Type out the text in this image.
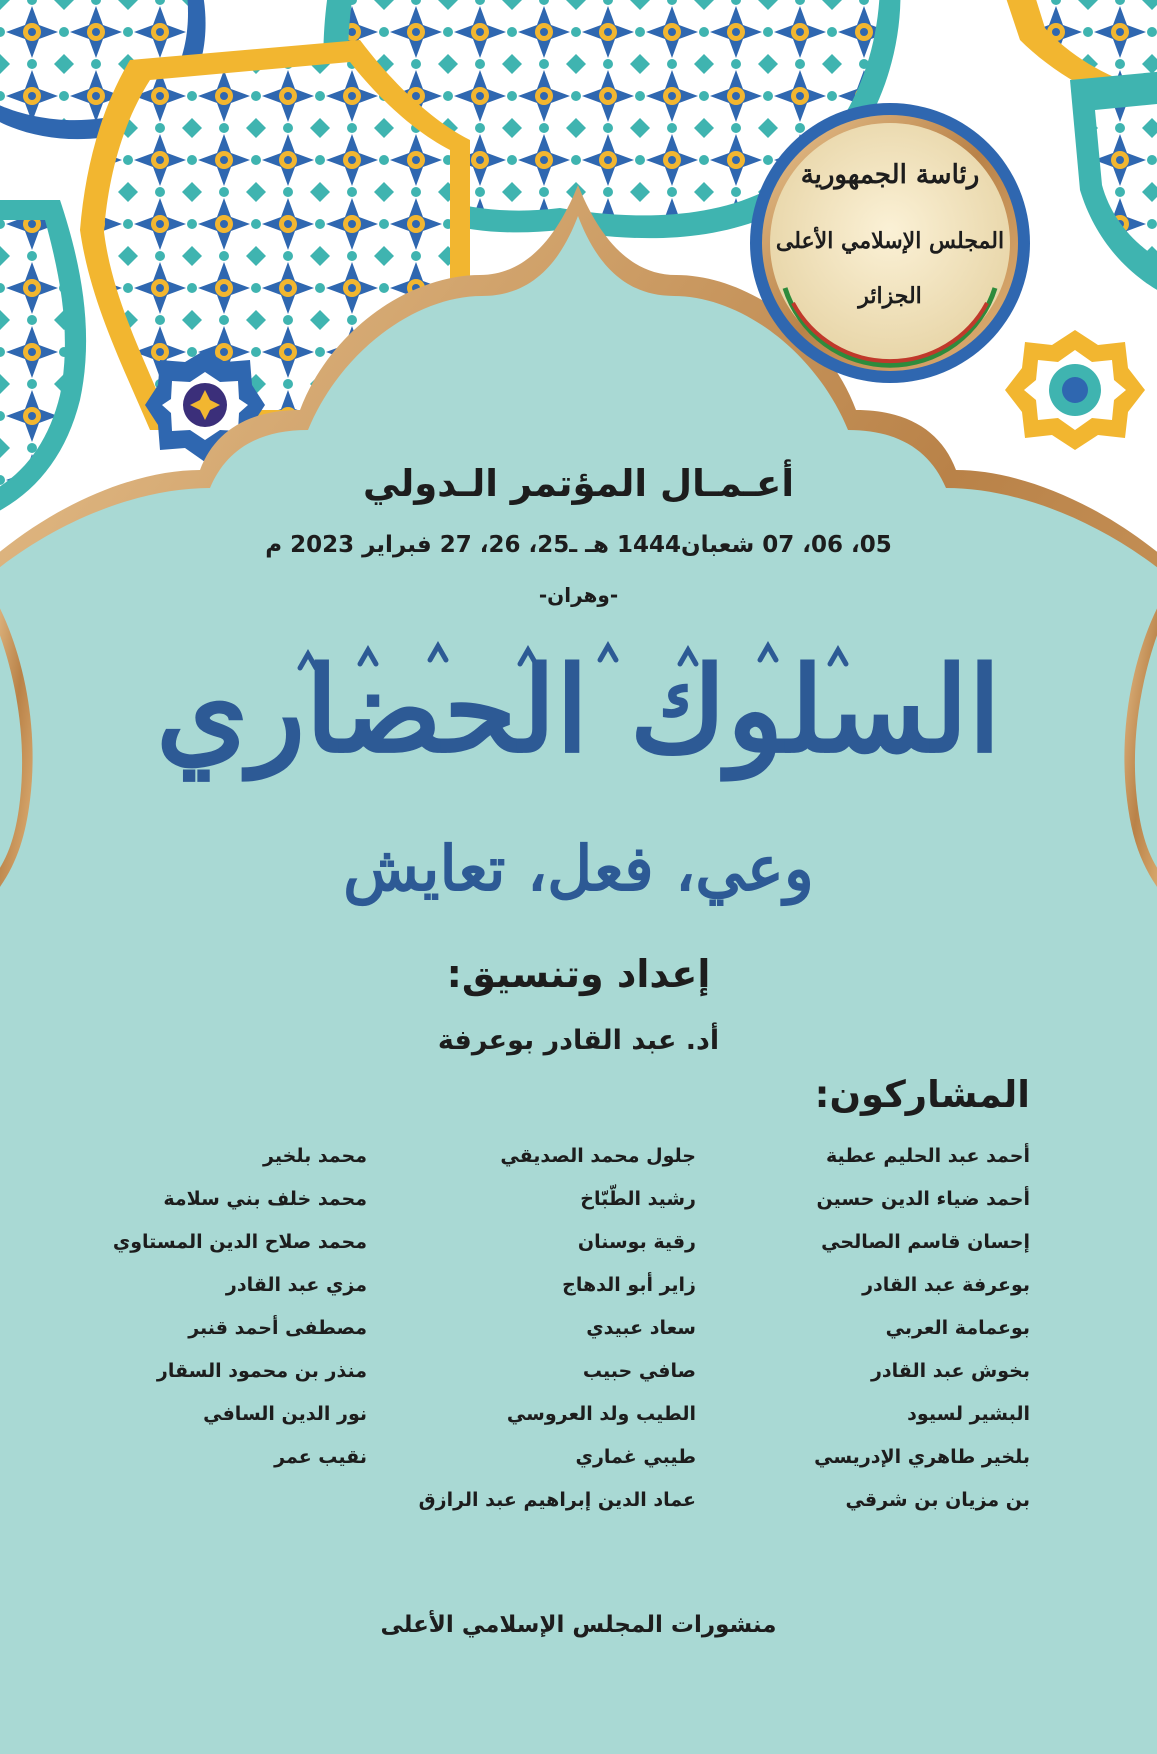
رئاسة الجمهورية
المجلس الإسلامي الأعلى
الجزائر
أعـمـال المؤتمر الـدولي
05، 06، 07 شعبان1444 هـ ـ25، 26، 27 فبراير 2023 م
-وهران-
السلوك الحضاري
وعي، فعل، تعايش
إعداد وتنسيق:
أد. عبد القادر بوعرفة
المشاركون:
أحمد عبد الحليم عطية
أحمد ضياء الدين حسين
إحسان قاسم الصالحي
بوعرفة عبد القادر
بوعمامة العربي
بخوش عبد القادر
البشير لسيود
بلخير طاهري الإدريسي
بن مزيان بن شرقي
جلول محمد الصديقي
رشيد الطّبّاخ
رقية بوسنان
زاير أبو الدهاج
سعاد عبيدي
صافي حبيب
الطيب ولد العروسي
طيبي غماري
عماد الدين إبراهيم عبد الرازق
محمد بلخير
محمد خلف بني سلامة
محمد صلاح الدين المستاوي
مزي عبد القادر
مصطفى أحمد قنبر
منذر بن محمود السقار
نور الدين السافي
نقيب عمر
منشورات المجلس الإسلامي الأعلى
